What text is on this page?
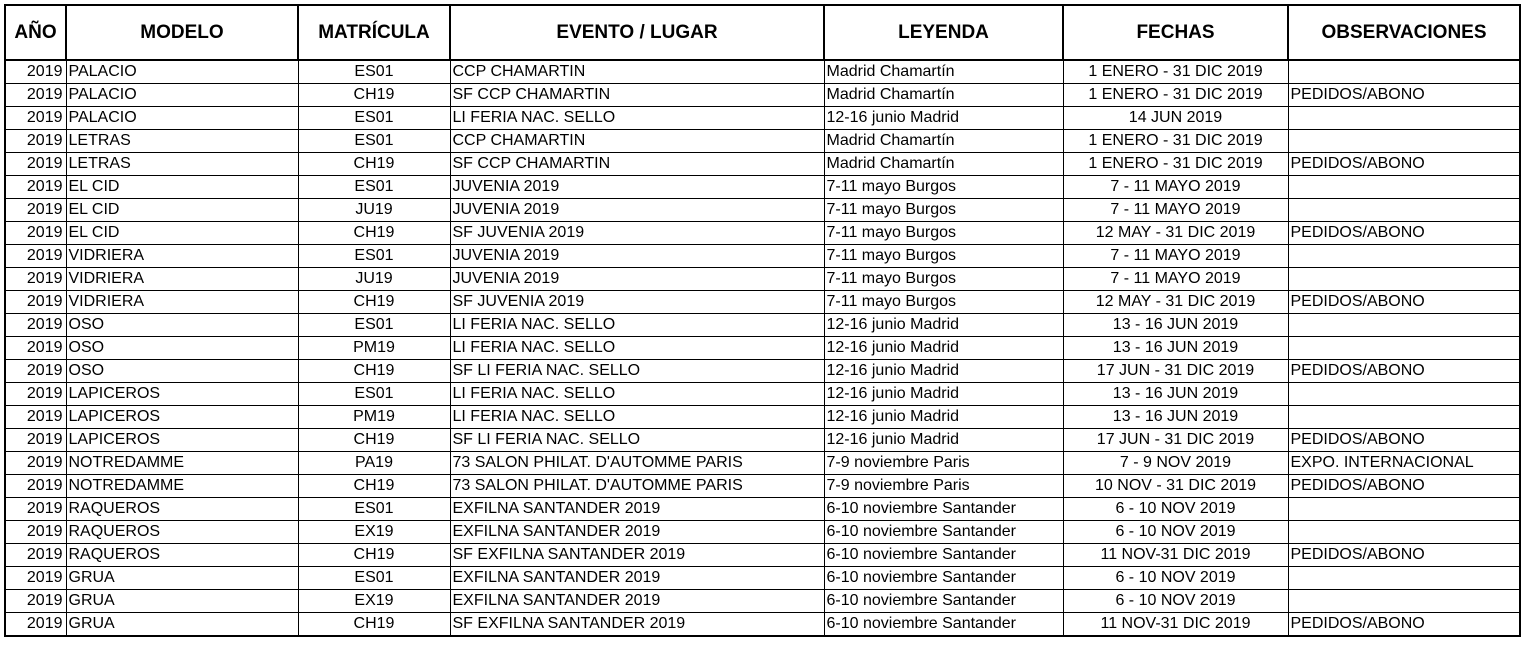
AÑO	MODELO	MATRÍCULA	EVENTO / LUGAR	LEYENDA	FECHAS	OBSERVACIONES
2019	PALACIO	ES01	CCP CHAMARTIN	Madrid Chamartín	1 ENERO - 31 DIC 2019	
2019	PALACIO	CH19	SF CCP CHAMARTIN	Madrid Chamartín	1 ENERO - 31 DIC 2019	PEDIDOS/ABONO
2019	PALACIO	ES01	LI FERIA NAC. SELLO	12-16 junio Madrid	14 JUN 2019	
2019	LETRAS	ES01	CCP CHAMARTIN	Madrid Chamartín	1 ENERO - 31 DIC 2019	
2019	LETRAS	CH19	SF CCP CHAMARTIN	Madrid Chamartín	1 ENERO - 31 DIC 2019	PEDIDOS/ABONO
2019	EL CID	ES01	JUVENIA 2019	7-11 mayo Burgos	7 - 11 MAYO 2019	
2019	EL CID	JU19	JUVENIA 2019	7-11 mayo Burgos	7 - 11 MAYO 2019	
2019	EL CID	CH19	SF JUVENIA 2019	7-11 mayo Burgos	12 MAY - 31 DIC 2019	PEDIDOS/ABONO
2019	VIDRIERA	ES01	JUVENIA 2019	7-11 mayo Burgos	7 - 11 MAYO 2019	
2019	VIDRIERA	JU19	JUVENIA 2019	7-11 mayo Burgos	7 - 11 MAYO 2019	
2019	VIDRIERA	CH19	SF JUVENIA 2019	7-11 mayo Burgos	12 MAY - 31 DIC 2019	PEDIDOS/ABONO
2019	OSO	ES01	LI FERIA NAC. SELLO	12-16 junio Madrid	13 - 16 JUN 2019	
2019	OSO	PM19	LI FERIA NAC. SELLO	12-16 junio Madrid	13 - 16 JUN 2019	
2019	OSO	CH19	SF LI FERIA NAC. SELLO	12-16 junio Madrid	17 JUN - 31 DIC 2019	PEDIDOS/ABONO
2019	LAPICEROS	ES01	LI FERIA NAC. SELLO	12-16 junio Madrid	13 - 16 JUN 2019	
2019	LAPICEROS	PM19	LI FERIA NAC. SELLO	12-16 junio Madrid	13 - 16 JUN 2019	
2019	LAPICEROS	CH19	SF LI FERIA NAC. SELLO	12-16 junio Madrid	17 JUN - 31 DIC 2019	PEDIDOS/ABONO
2019	NOTREDAMME	PA19	73 SALON PHILAT. D'AUTOMME PARIS	7-9 noviembre Paris	7 - 9 NOV 2019	EXPO. INTERNACIONAL
2019	NOTREDAMME	CH19	73 SALON PHILAT. D'AUTOMME PARIS	7-9 noviembre Paris	10 NOV - 31 DIC 2019	PEDIDOS/ABONO
2019	RAQUEROS	ES01	EXFILNA SANTANDER 2019	6-10 noviembre Santander	6 - 10 NOV 2019	
2019	RAQUEROS	EX19	EXFILNA SANTANDER 2019	6-10 noviembre Santander	6 - 10 NOV 2019	
2019	RAQUEROS	CH19	SF EXFILNA SANTANDER 2019	6-10 noviembre Santander	11 NOV-31 DIC 2019	PEDIDOS/ABONO
2019	GRUA	ES01	EXFILNA SANTANDER 2019	6-10 noviembre Santander	6 - 10 NOV 2019	
2019	GRUA	EX19	EXFILNA SANTANDER 2019	6-10 noviembre Santander	6 - 10 NOV 2019	
2019	GRUA	CH19	SF EXFILNA SANTANDER 2019	6-10 noviembre Santander	11 NOV-31 DIC 2019	PEDIDOS/ABONO
